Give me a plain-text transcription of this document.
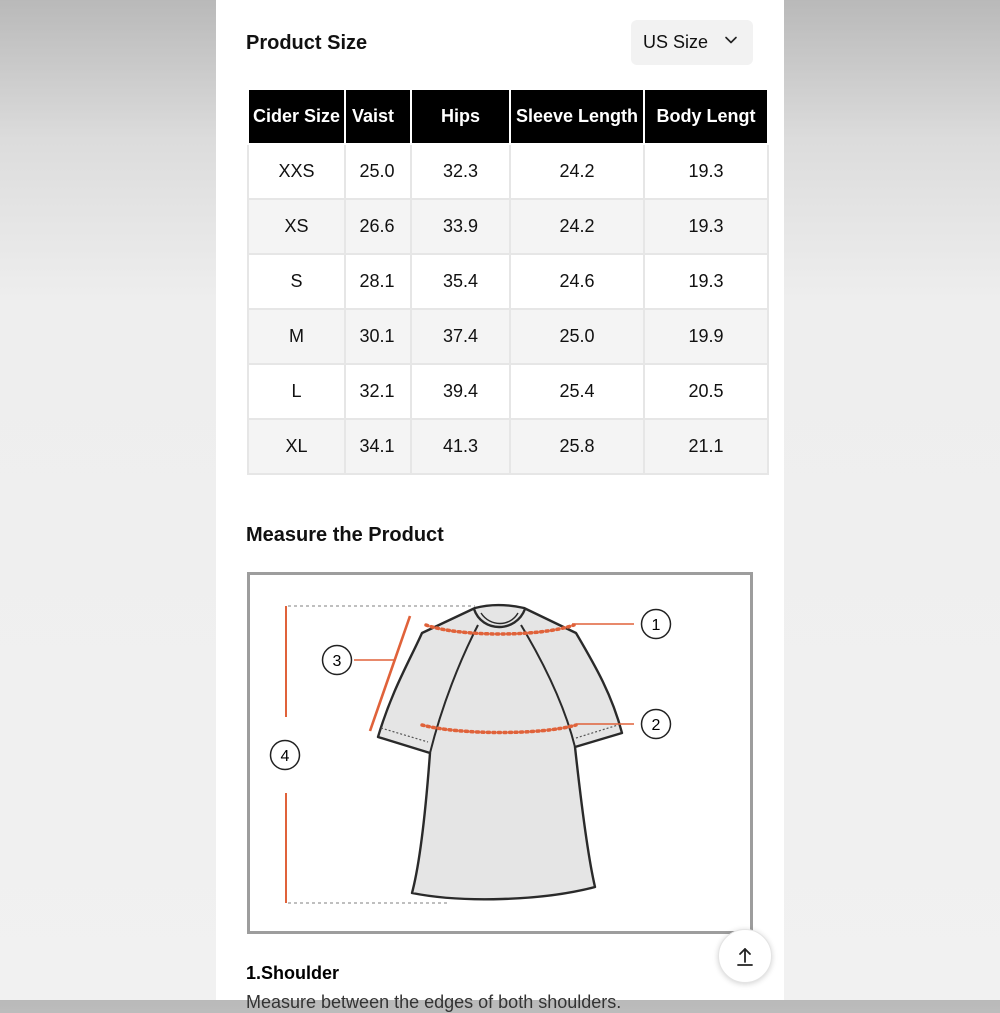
Product Size	US Size
Cider Size	Vaist	Hips	Sleeve Length	Body Lengt
XXS	25.0	32.3	24.2	19.3
XS	26.6	33.9	24.2	19.3
S	28.1	35.4	24.6	19.3
M	30.1	37.4	25.0	19.9
L	32.1	39.4	25.4	20.5
XL	34.1	41.3	25.8	21.1
Measure the Product
1
2
3
4
1.Shoulder
Measure between the edges of both shoulders.
